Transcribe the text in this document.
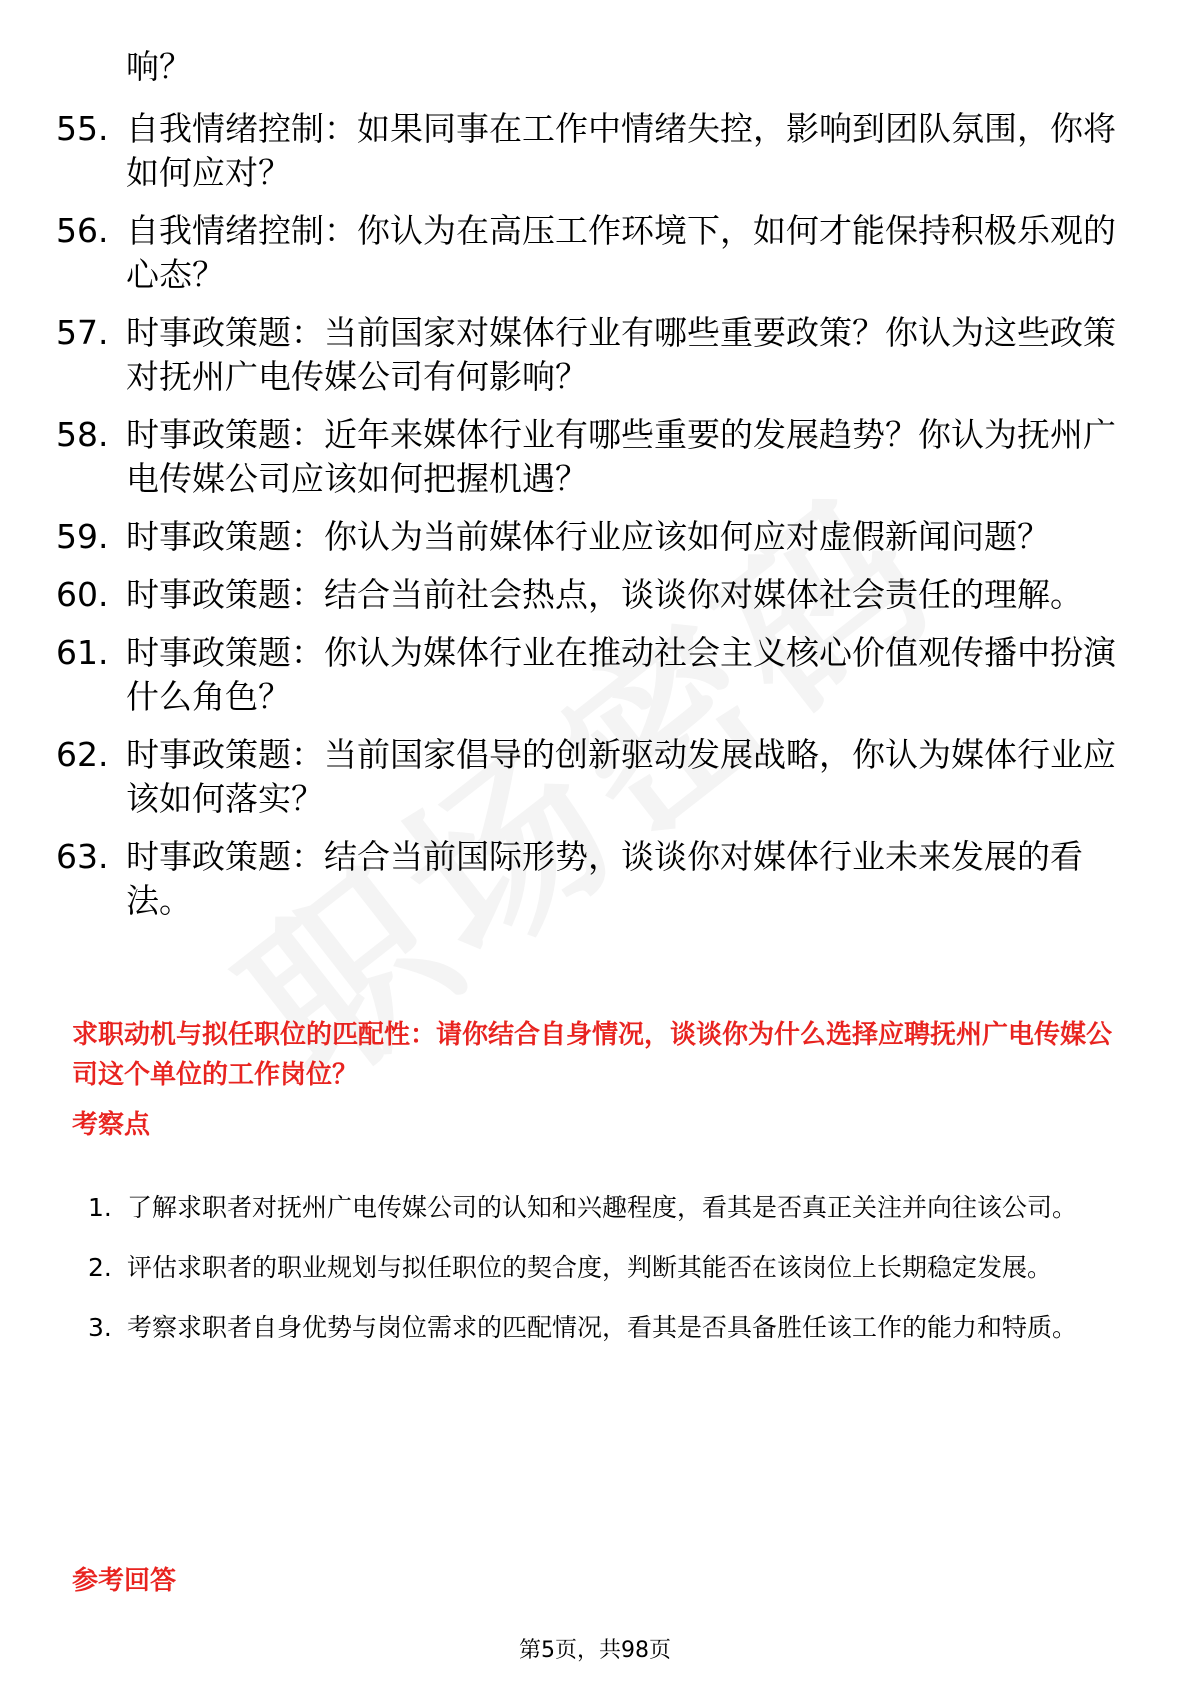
响？
55. 自我情绪控制：如果同事在工作中情绪失控，影响到团队氛围，你将如何应对？
56. 自我情绪控制：你认为在高压工作环境下，如何才能保持积极乐观的心态？
57. 时事政策题：当前国家对媒体行业有哪些重要政策？你认为这些政策对抚州广电传媒公司有何影响？
58. 时事政策题：近年来媒体行业有哪些重要的发展趋势？你认为抚州广电传媒公司应该如何把握机遇？
59. 时事政策题：你认为当前媒体行业应该如何应对虚假新闻问题？
60. 时事政策题：结合当前社会热点，谈谈你对媒体社会责任的理解。
61. 时事政策题：你认为媒体行业在推动社会主义核心价值观传播中扮演什么角色？
62. 时事政策题：当前国家倡导的创新驱动发展战略，你认为媒体行业应该如何落实？
63. 时事政策题：结合当前国际形势，谈谈你对媒体行业未来发展的看法。
求职动机与拟任职位的匹配性：请你结合自身情况，谈谈你为什么选择应聘抚州广电传媒公司这个单位的工作岗位？
考察点
1. 了解求职者对抚州广电传媒公司的认知和兴趣程度，看其是否真正关注并向往该公司。
2. 评估求职者的职业规划与拟任职位的契合度，判断其能否在该岗位上长期稳定发展。
3. 考察求职者自身优势与岗位需求的匹配情况，看其是否具备胜任该工作的能力和特质。
参考回答
第5页，共98页
